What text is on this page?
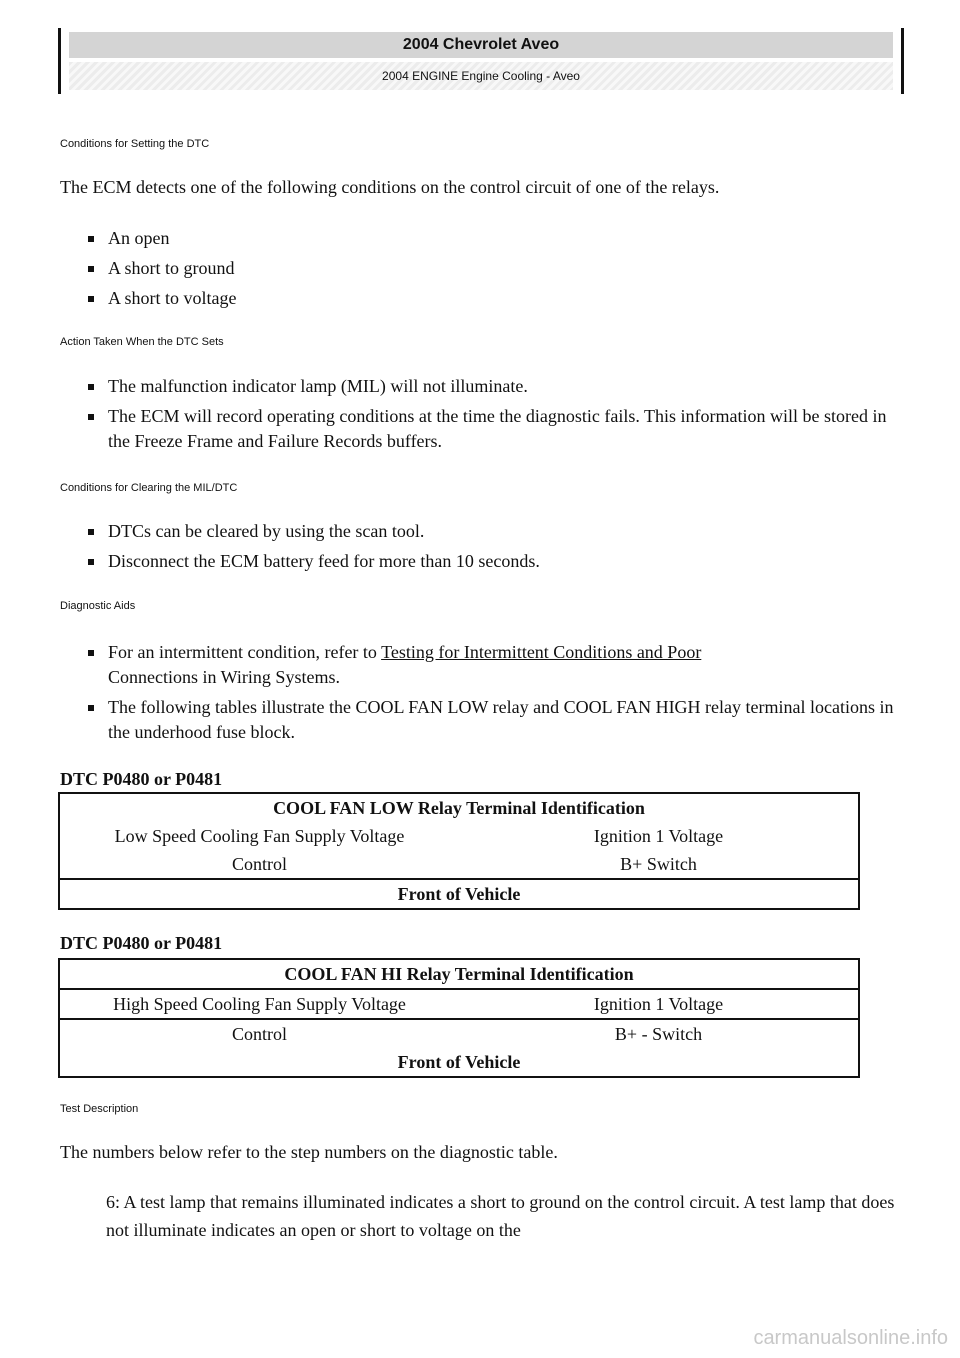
2004 Chevrolet Aveo
2004 ENGINE Engine Cooling - Aveo

Conditions for Setting the DTC

The ECM detects one of the following conditions on the control circuit of one of the relays.

An open
A short to ground
A short to voltage

Action Taken When the DTC Sets

The malfunction indicator lamp (MIL) will not illuminate.
The ECM will record operating conditions at the time the diagnostic fails. This information will be stored in the Freeze Frame and Failure Records buffers.

Conditions for Clearing the MIL/DTC

DTCs can be cleared by using the scan tool.
Disconnect the ECM battery feed for more than 10 seconds.

Diagnostic Aids

For an intermittent condition, refer to Testing for Intermittent Conditions and Poor
Connections in Wiring Systems.
The following tables illustrate the COOL FAN LOW relay and COOL FAN HIGH relay terminal locations in the underhood fuse block.

DTC P0480 or P0481

COOL FAN LOW Relay Terminal Identification	
Low Speed Cooling Fan Supply Voltage	Ignition 1 Voltage
Control	B+ Switch
Front of Vehicle	

DTC P0480 or P0481

COOL FAN HI Relay Terminal Identification	
High Speed Cooling Fan Supply Voltage	Ignition 1 Voltage
Control	B+ - Switch
Front of Vehicle	

Test Description

The numbers below refer to the step numbers on the diagnostic table.

6: A test lamp that remains illuminated indicates a short to ground on the control circuit. A test lamp that does not illuminate indicates an open or short to voltage on the

carmanualsonline.info
